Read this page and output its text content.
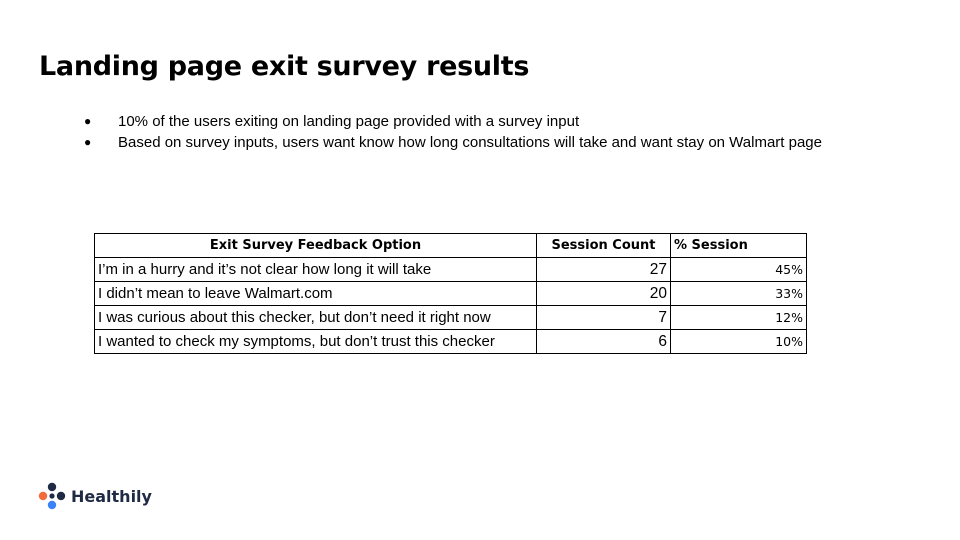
Landing page exit survey results
● 10% of the users exiting on landing page provided with a survey input
● Based on survey inputs, users want know how long consultations will take and want stay on Walmart page
Exit Survey Feedback Option	Session Count	% Session
I’m in a hurry and it’s not clear how long it will take	27	45%
I didn’t mean to leave Walmart.com	20	33%
I was curious about this checker, but don’t need it right now	7	12%
I wanted to check my symptoms, but don’t trust this checker	6	10%
Healthily
